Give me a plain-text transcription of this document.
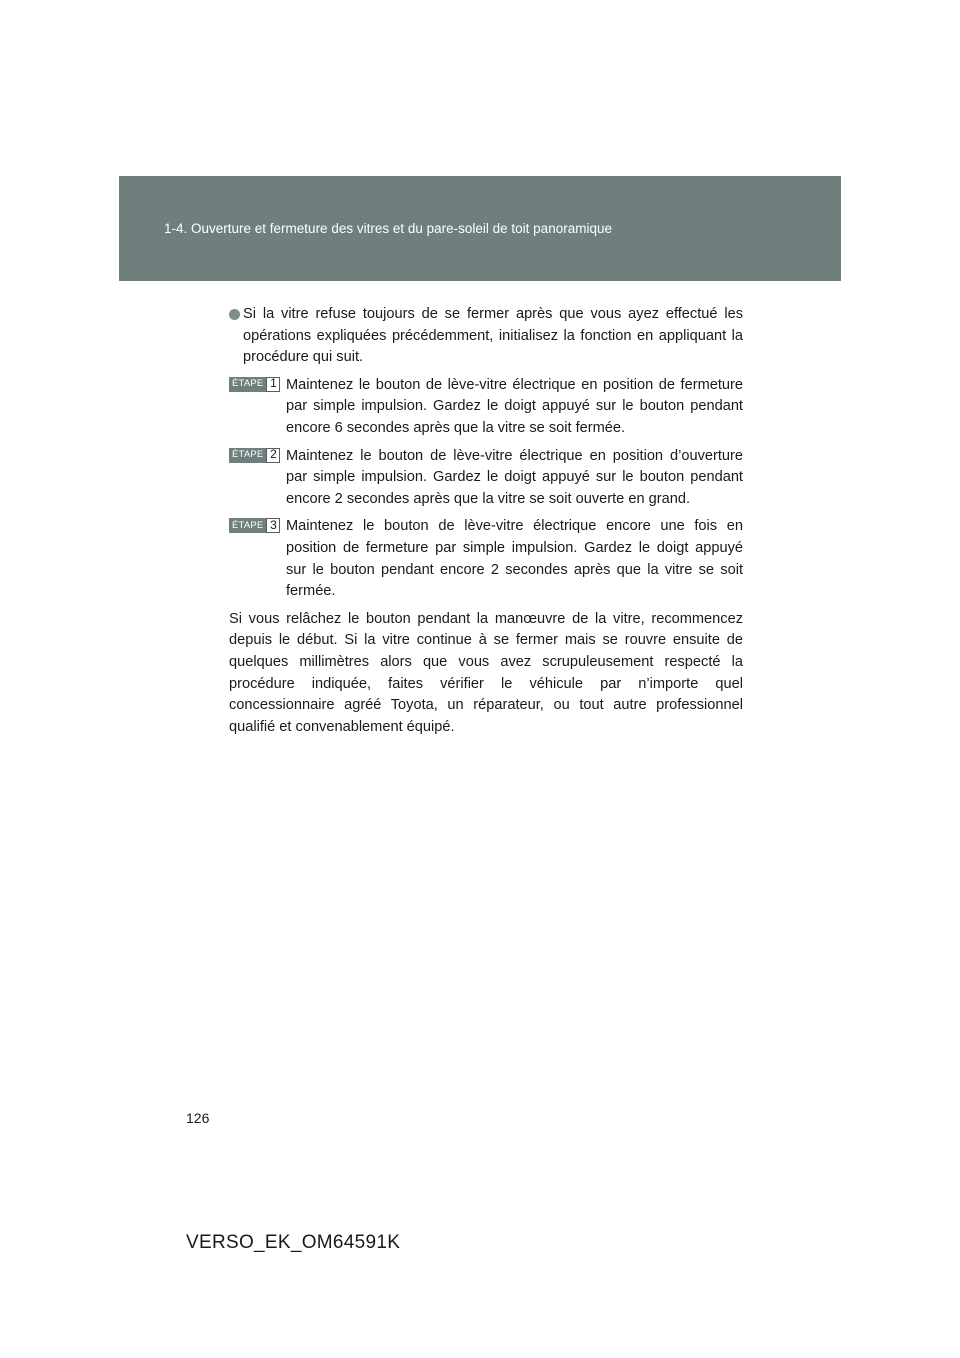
1-4. Ouverture et fermeture des vitres et du pare-soleil de toit panoramique
Si la vitre refuse toujours de se fermer après que vous ayez effectué les opérations expliquées précédemment, initialisez la fonction en appliquant la procédure qui suit.
ÉTAPE 1 Maintenez le bouton de lève-vitre électrique en position de fermeture par simple impulsion. Gardez le doigt appuyé sur le bouton pendant encore 6 secondes après que la vitre se soit fermée.
ÉTAPE 2 Maintenez le bouton de lève-vitre électrique en position d’ouverture par simple impulsion. Gardez le doigt appuyé sur le bouton pendant encore 2 secondes après que la vitre se soit ouverte en grand.
ÉTAPE 3 Maintenez le bouton de lève-vitre électrique encore une fois en position de fermeture par simple impulsion. Gardez le doigt appuyé sur le bouton pendant encore 2 secondes après que la vitre se soit fermée.
Si vous relâchez le bouton pendant la manœuvre de la vitre, recommencez depuis le début. Si la vitre continue à se fermer mais se rouvre ensuite de quelques millimètres alors que vous avez scrupuleusement respecté la procédure indiquée, faites vérifier le véhicule par n’importe quel concessionnaire agréé Toyota, un réparateur, ou tout autre professionnel qualifié et convenablement équipé.
126
VERSO_EK_OM64591K
